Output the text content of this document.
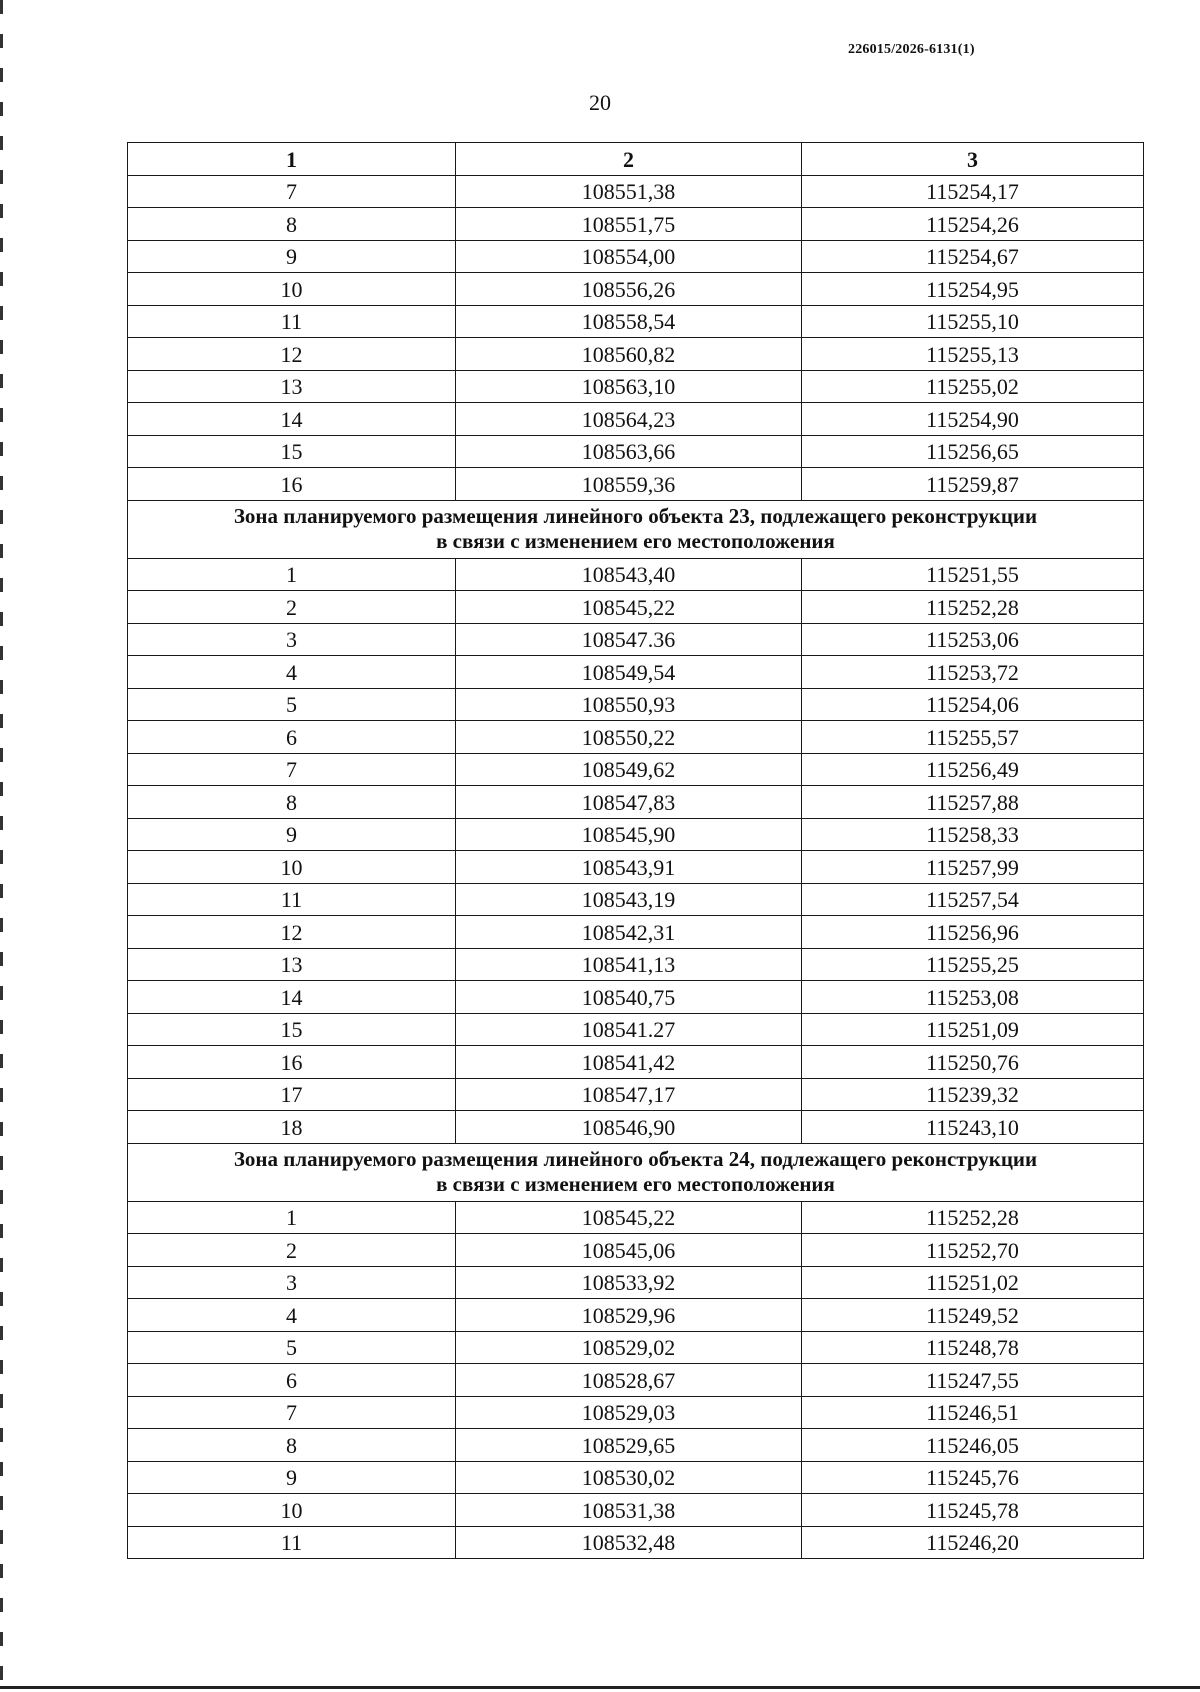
226015/2026-6131(1)
20
1	2	3
7	108551,38	115254,17
8	108551,75	115254,26
9	108554,00	115254,67
10	108556,26	115254,95
11	108558,54	115255,10
12	108560,82	115255,13
13	108563,10	115255,02
14	108564,23	115254,90
15	108563,66	115256,65
16	108559,36	115259,87

Зона планируемого размещения линейного объекта 23, подлежащего реконструкции
в связи с изменением его местоположения		

1	108543,40	115251,55
2	108545,22	115252,28
3	108547.36	115253,06
4	108549,54	115253,72
5	108550,93	115254,06
6	108550,22	115255,57
7	108549,62	115256,49
8	108547,83	115257,88
9	108545,90	115258,33
10	108543,91	115257,99
11	108543,19	115257,54
12	108542,31	115256,96
13	108541,13	115255,25
14	108540,75	115253,08
15	108541.27	115251,09
16	108541,42	115250,76
17	108547,17	115239,32
18	108546,90	115243,10

Зона планируемого размещения линейного объекта 24, подлежащего реконструкции
в связи с изменением его местоположения		

1	108545,22	115252,28
2	108545,06	115252,70
3	108533,92	115251,02
4	108529,96	115249,52
5	108529,02	115248,78
6	108528,67	115247,55
7	108529,03	115246,51
8	108529,65	115246,05
9	108530,02	115245,76
10	108531,38	115245,78
11	108532,48	115246,20
